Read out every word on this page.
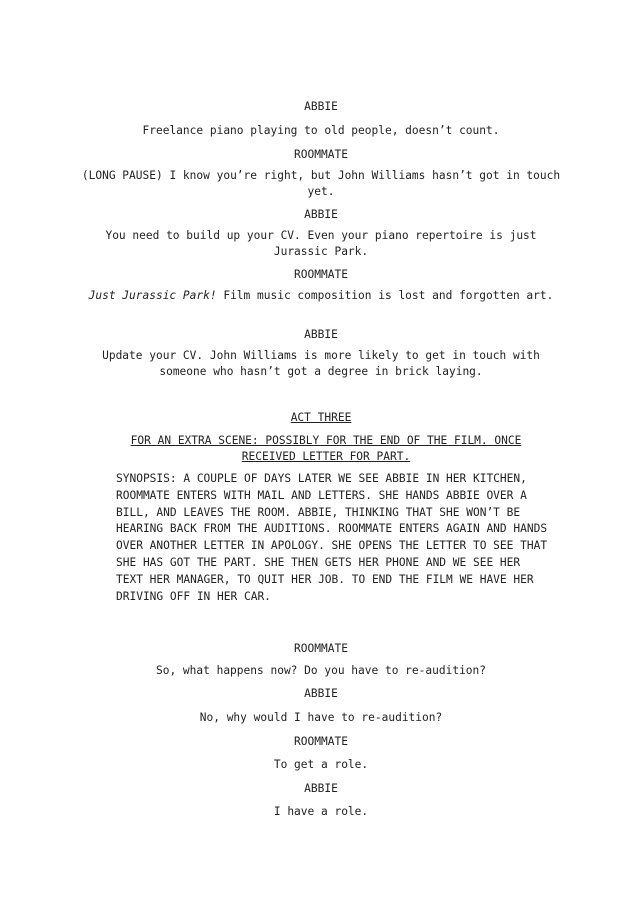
ABBIE
Freelance piano playing to old people, doesn’t count.
ROOMMATE
(LONG PAUSE) I know you’re right, but John Williams hasn’t got in touch yet.
ABBIE
You need to build up your CV. Even your piano repertoire is just Jurassic Park.
ROOMMATE
Just Jurassic Park! Film music composition is lost and forgotten art.
ABBIE
Update your CV. John Williams is more likely to get in touch with someone who hasn’t got a degree in brick laying.
ACT THREE
FOR AN EXTRA SCENE: POSSIBLY FOR THE END OF THE FILM. ONCE RECEIVED LETTER FOR PART.
SYNOPSIS: A COUPLE OF DAYS LATER WE SEE ABBIE IN HER KITCHEN, ROOMMATE ENTERS WITH MAIL AND LETTERS. SHE HANDS ABBIE OVER A BILL, AND LEAVES THE ROOM. ABBIE, THINKING THAT SHE WON’T BE HEARING BACK FROM THE AUDITIONS. ROOMMATE ENTERS AGAIN AND HANDS OVER ANOTHER LETTER IN APOLOGY. SHE OPENS THE LETTER TO SEE THAT SHE HAS GOT THE PART. SHE THEN GETS HER PHONE AND WE SEE HER TEXT HER MANAGER, TO QUIT HER JOB. TO END THE FILM WE HAVE HER DRIVING OFF IN HER CAR.
ROOMMATE
So, what happens now? Do you have to re-audition?
ABBIE
No, why would I have to re-audition?
ROOMMATE
To get a role.
ABBIE
I have a role.
